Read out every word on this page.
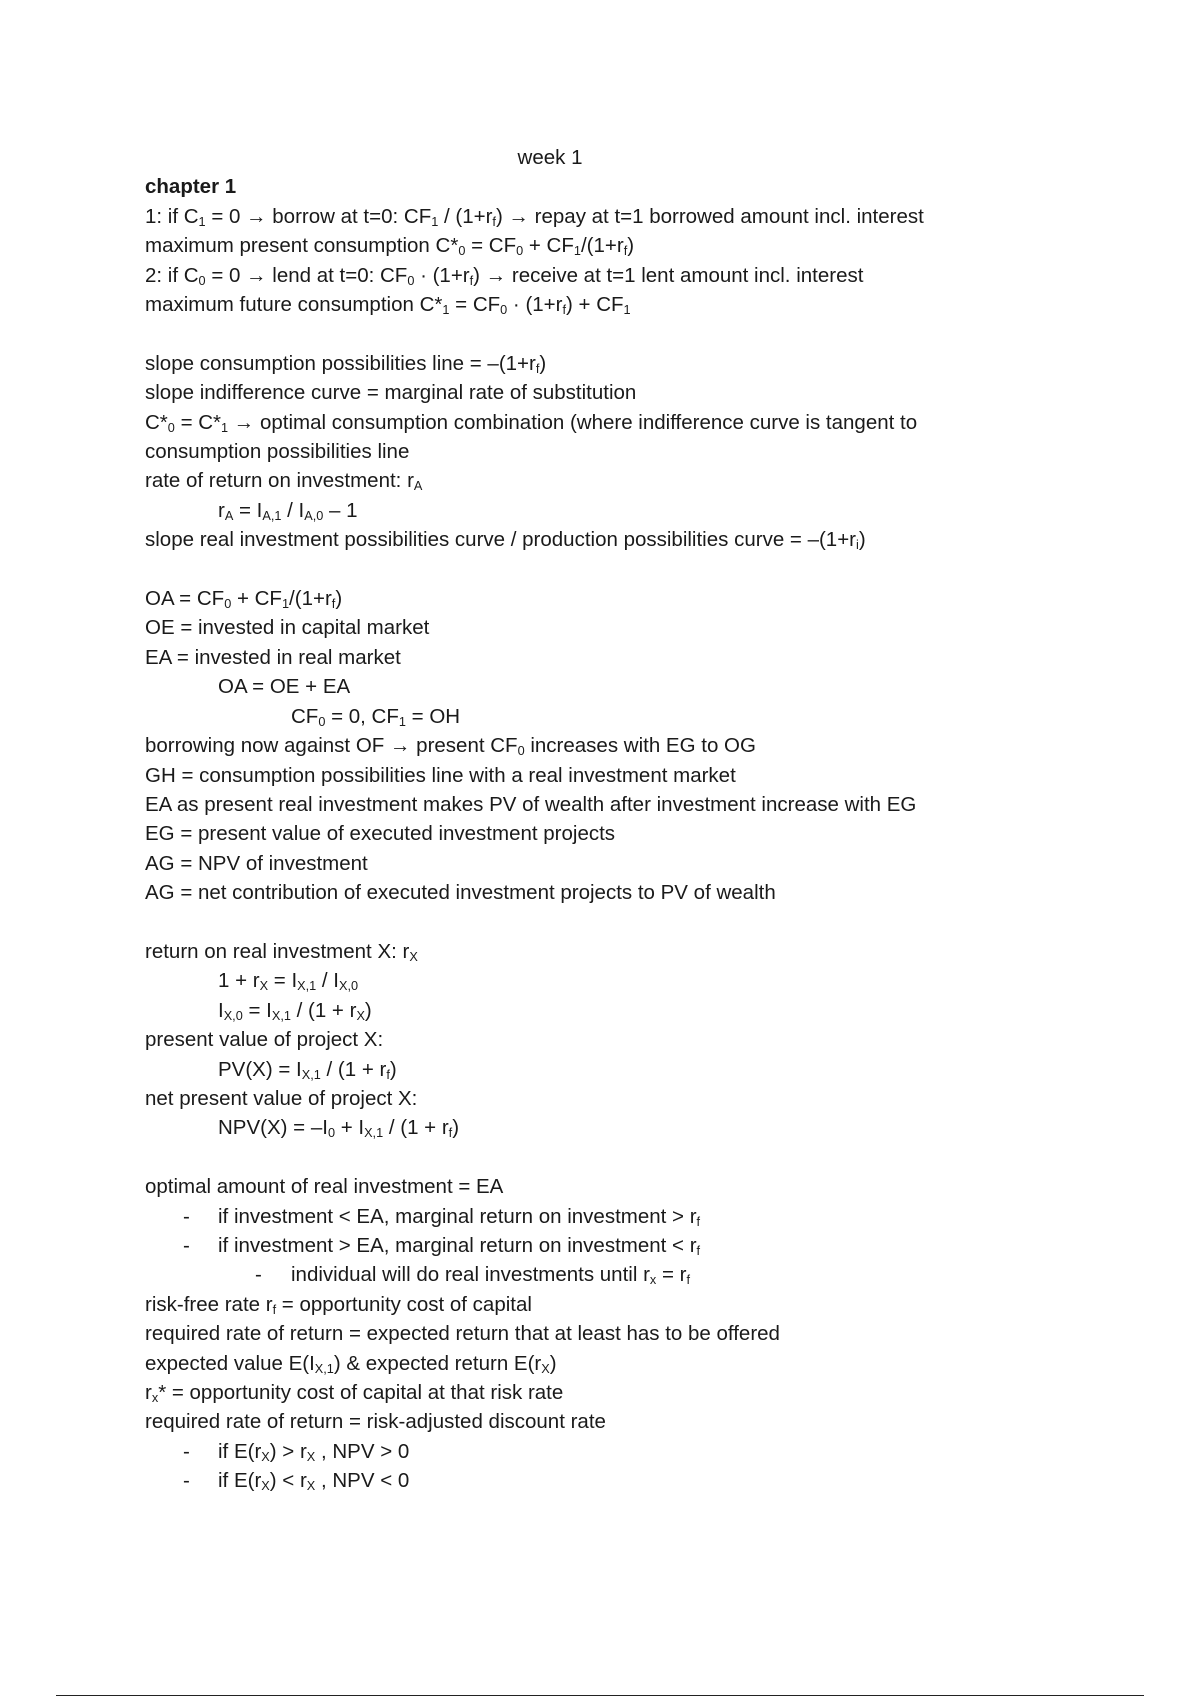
week 1
chapter 1
1: if $C_1 = 0$ → borrow at t=0: $CF_1 / (1+r_f)$ → repay at t=1 borrowed amount incl. interest
maximum present consumption $C*_0 = CF_0 + CF_1/(1+r_f)$
2: if $C_0 = 0$ → lend at t=0: $CF_0 \cdot (1+r_f)$ → receive at t=1 lent amount incl. interest
maximum future consumption $C*_1 = CF_0 \cdot (1+r_f) + CF_1$
slope consumption possibilities line = $-(1+r_f)$
slope indifference curve = marginal rate of substitution
$C*_0 = C*_1$ → optimal consumption combination (where indifference curve is tangent to
consumption possibilities line
rate of return on investment: $r_A$
$r_A = I_{A,1} / I_{A,0} - 1$
slope real investment possibilities curve / production possibilities curve = $-(1+r_i)$
OA = $CF_0 + CF_1/(1+r_f)$
OE = invested in capital market
EA = invested in real market
OA = OE + EA
$CF_0 = 0$, $CF_1$ = OH
borrowing now against OF → present $CF_0$ increases with EG to OG
GH = consumption possibilities line with a real investment market
EA as present real investment makes PV of wealth after investment increase with EG
EG = present value of executed investment projects
AG = NPV of investment
AG = net contribution of executed investment projects to PV of wealth
return on real investment X: $r_X$
$1 + r_X = I_{X,1} / I_{X,0}$
$I_{X,0} = I_{X,1} / (1 + r_X)$
present value of project X:
$PV(X) = I_{X,1} / (1 + r_f)$
net present value of project X:
$NPV(X) = -I_0 + I_{X,1} / (1 + r_f)$
optimal amount of real investment = EA
- if investment < EA, marginal return on investment > $r_f$
- if investment > EA, marginal return on investment < $r_f$
- individual will do real investments until $r_x = r_f$
risk-free rate $r_f$ = opportunity cost of capital
required rate of return = expected return that at least has to be offered
expected value $E(I_{X,1})$ & expected return $E(r_X)$
$r_x*$ = opportunity cost of capital at that risk rate
required rate of return = risk-adjusted discount rate
- if $E(r_X) > r_X$ , NPV > 0
- if $E(r_X) < r_X$ , NPV < 0
